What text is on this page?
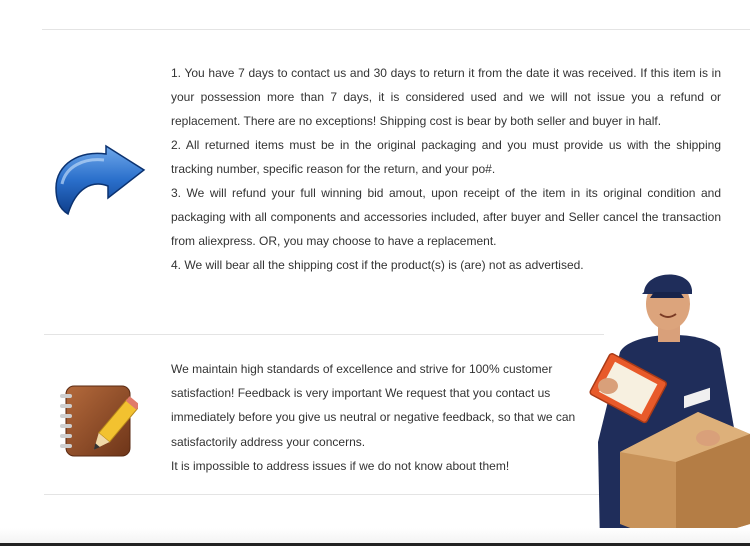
1. You have 7 days to contact us and 30 days to return it from the date it was received. If this item is in your possession more than 7 days, it is considered used and we will not issue you a refund or replacement. There are no exceptions! Shipping cost is bear by both seller and buyer in half.

2. All returned items must be in the original packaging and you must provide us with the shipping tracking number, specific reason for the return, and your po#.

3. We will refund your full winning bid amout, upon receipt of the item in its original condition and packaging with all components and accessories included, after buyer and Seller cancel the transaction from aliexpress. OR, you may choose to have a replacement.

4. We will bear all the shipping cost if the product(s) is (are) not as advertised.

We maintain high standards of excellence and strive for 100% customer satisfaction! Feedback is very important We request that you contact us immediately before you give us neutral or negative feedback, so that we can satisfactorily address your concerns.

It is impossible to address issues if we do not know about them!
